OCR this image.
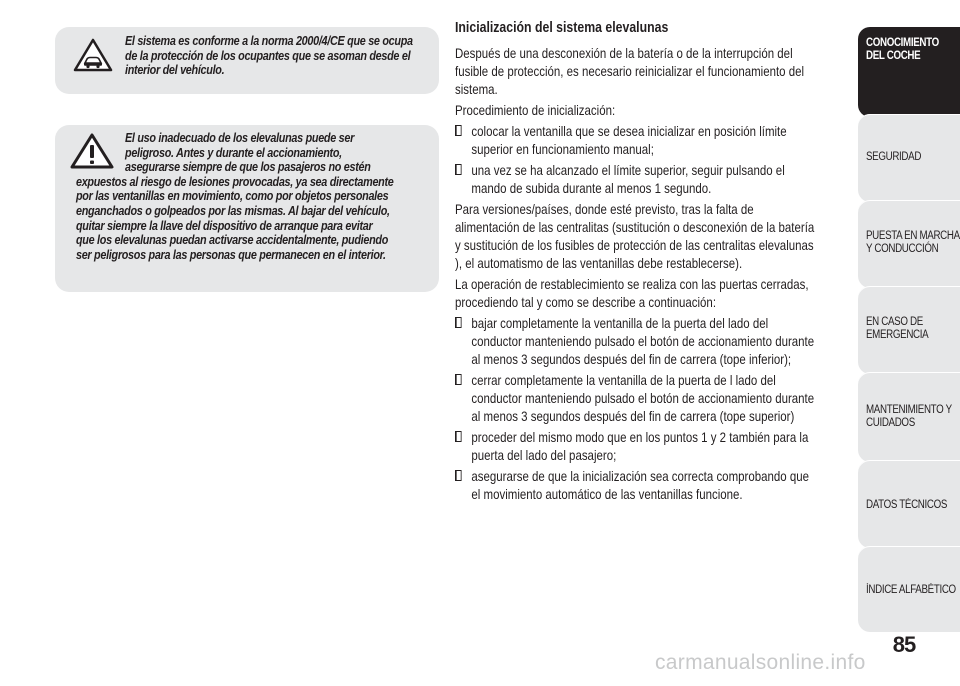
El sistema es conforme a la norma 2000/4/CE que se ocupa
de la protección de los ocupantes que se asoman desde el
interior del vehículo.
El uso inadecuado de los elevalunas puede ser
peligroso. Antes y durante el accionamiento,
asegurarse siempre de que los pasajeros no estén
expuestos al riesgo de lesiones provocadas, ya sea directamente
por las ventanillas en movimiento, como por objetos personales
enganchados o golpeados por las mismas. Al bajar del vehículo,
quitar siempre la llave del dispositivo de arranque para evitar
que los elevalunas puedan activarse accidentalmente, pudiendo
ser peligrosos para las personas que permanecen en el interior.
Inicialización del sistema elevalunas
Después de una desconexión de la batería o de la interrupción del
fusible de protección, es necesario reinicializar el funcionamiento del
sistema.
Procedimiento de inicialización:
colocar la ventanilla que se desea inicializar en posición límite
superior en funcionamiento manual;
una vez se ha alcanzado el límite superior, seguir pulsando el
mando de subida durante al menos 1 segundo.
Para versiones/países, donde esté previsto, tras la falta de
alimentación de las centralitas (sustitución o desconexión de la batería
y sustitución de los fusibles de protección de las centralitas elevalunas
), el automatismo de las ventanillas debe restablecerse).
La operación de restablecimiento se realiza con las puertas cerradas,
procediendo tal y como se describe a continuación:
bajar completamente la ventanilla de la puerta del lado del
conductor manteniendo pulsado el botón de accionamiento durante
al menos 3 segundos después del fin de carrera (tope inferior);
cerrar completamente la ventanilla de la puerta de l lado del
conductor manteniendo pulsado el botón de accionamiento durante
al menos 3 segundos después del fin de carrera (tope superior)
proceder del mismo modo que en los puntos 1 y 2 también para la
puerta del lado del pasajero;
asegurarse de que la inicialización sea correcta comprobando que
el movimiento automático de las ventanillas funcione.
CONOCIMIENTO
DEL COCHE
SEGURIDAD
PUESTA EN MARCHA
Y CONDUCCIÓN
EN CASO DE
EMERGENCIA
MANTENIMIENTO Y
CUIDADOS
DATOS TÉCNICOS
ÍNDICE ALFABÉTICO
85
carmanualsonline.info
